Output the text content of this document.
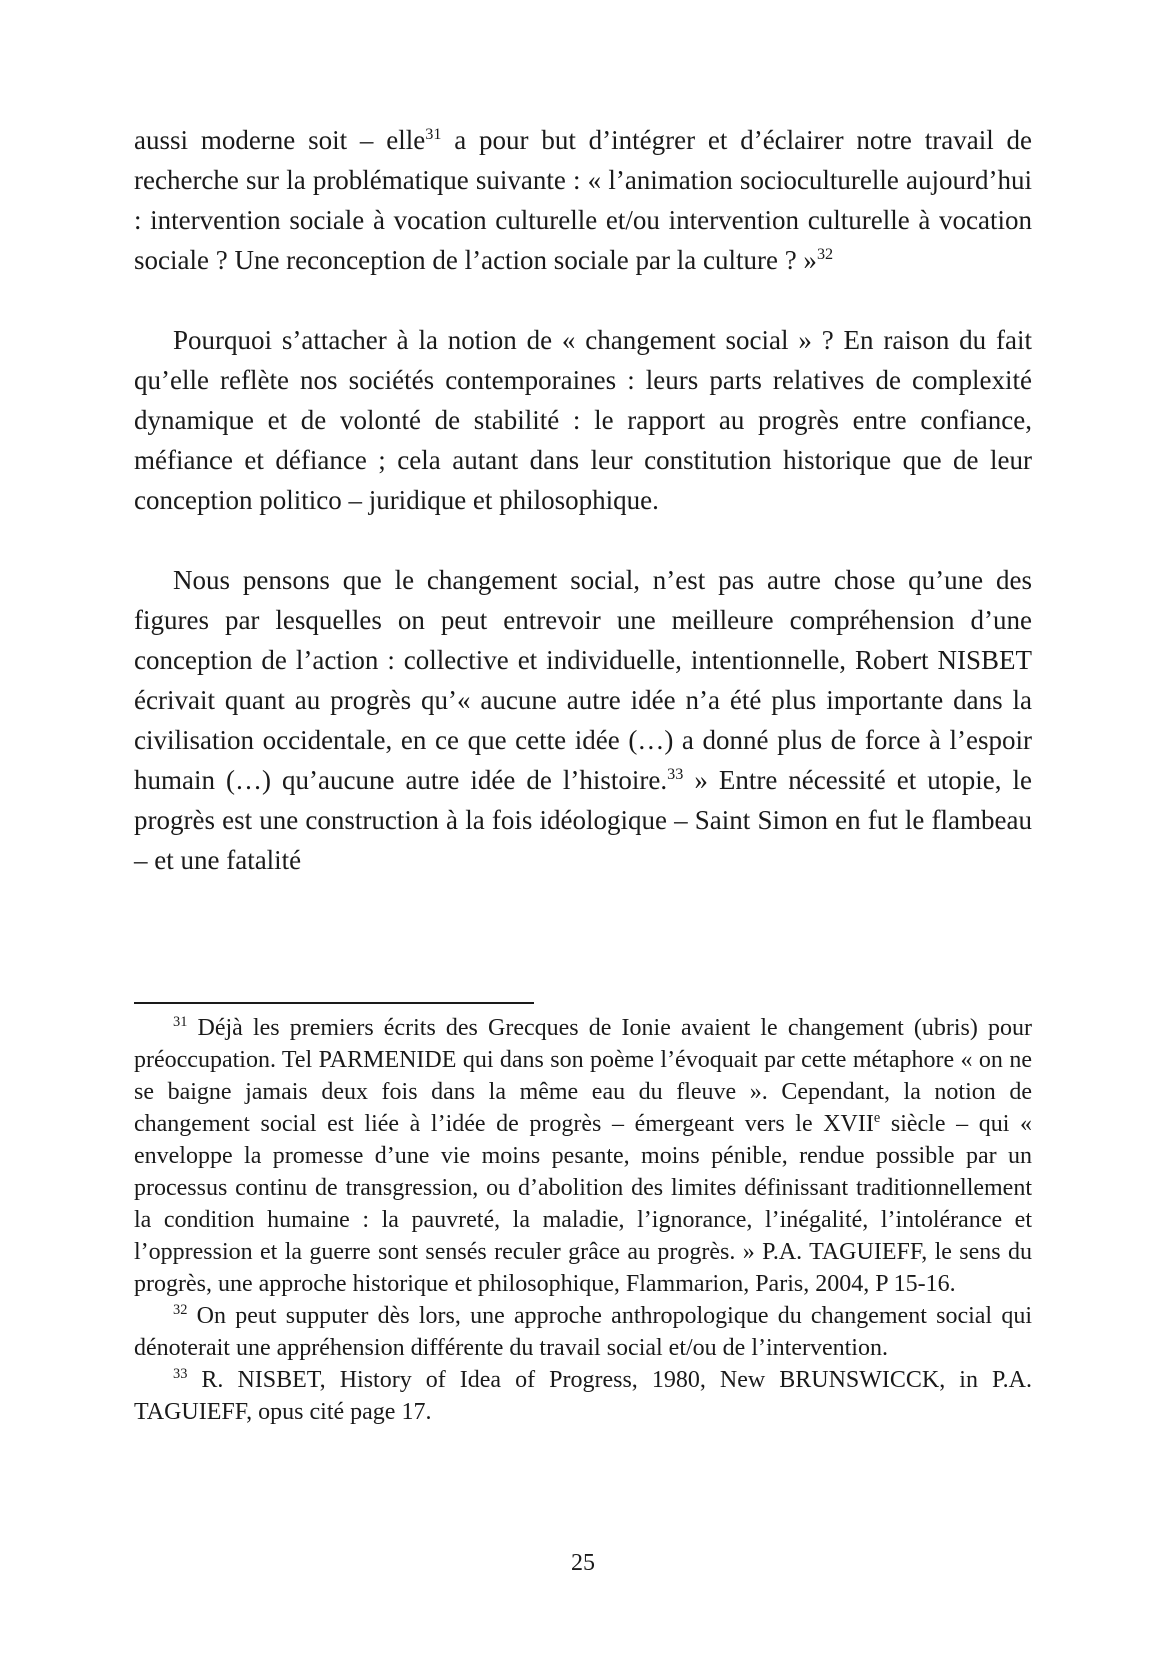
aussi moderne soit – elle$^{31}$ a pour but d’intégrer et d’éclairer notre travail de recherche sur la problématique suivante : « l’animation socioculturelle aujourd’hui : intervention sociale à vocation culturelle et/ou intervention culturelle à vocation sociale ? Une reconception de l’action sociale par la culture ? »$^{32}$

Pourquoi s’attacher à la notion de « changement social » ? En raison du fait qu’elle reflète nos sociétés contemporaines : leurs parts relatives de complexité dynamique et de volonté de stabilité : le rapport au progrès entre confiance, méfiance et défiance ; cela autant dans leur constitution historique que de leur conception politico – juridique et philosophique.

Nous pensons que le changement social, n’est pas autre chose qu’une des figures par lesquelles on peut entrevoir une meilleure compréhension d’une conception de l’action : collective et individuelle, intentionnelle, Robert NISBET écrivait quant au progrès qu’« aucune autre idée n’a été plus importante dans la civilisation occidentale, en ce que cette idée (…) a donné plus de force à l’espoir humain (…) qu’aucune autre idée de l’histoire.$^{33}$ » Entre nécessité et utopie, le progrès est une construction à la fois idéologique – Saint Simon en fut le flambeau – et une fatalité

$^{31}$ Déjà les premiers écrits des Grecques de Ionie avaient le changement (ubris) pour préoccupation. Tel PARMENIDE qui dans son poème l’évoquait par cette métaphore « on ne se baigne jamais deux fois dans la même eau du fleuve ». Cependant, la notion de changement social est liée à l’idée de progrès – émergeant vers le XVIIe siècle – qui « enveloppe la promesse d’une vie moins pesante, moins pénible, rendue possible par un processus continu de transgression, ou d’abolition des limites définissant traditionnellement la condition humaine : la pauvreté, la maladie, l’ignorance, l’inégalité, l’intolérance et l’oppression et la guerre sont sensés reculer grâce au progrès. » P.A. TAGUIEFF, le sens du progrès, une approche historique et philosophique, Flammarion, Paris, 2004, P 15-16.

$^{32}$ On peut supputer dès lors, une approche anthropologique du changement social qui dénoterait une appréhension différente du travail social et/ou de l’intervention.

$^{33}$ R. NISBET, History of Idea of Progress, 1980, New BRUNSWICCK, in P.A. TAGUIEFF, opus cité page 17.

25
